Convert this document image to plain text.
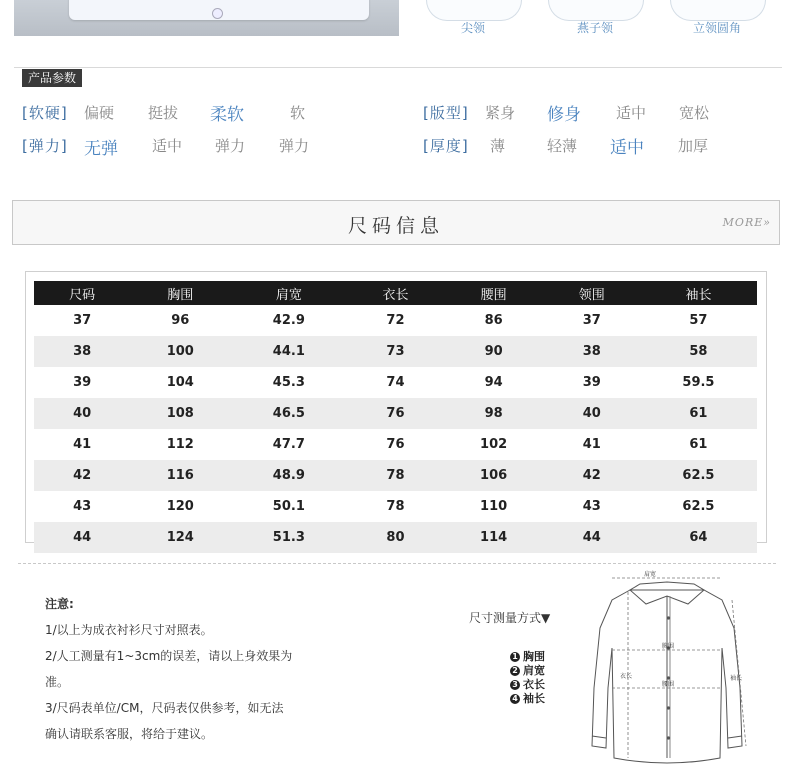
尖领	燕子领	立领圆角
产品参数
[软硬] 偏硬 挺拔 柔软	软	[版型] 紧身 修身 适中 宽松
[弹力] 无弹 适中 弹力 弹力	[厚度] 薄	轻薄 适中 加厚
尺码信息	MORE»
尺码	胸围	肩宽	衣长	腰围	领围	袖长
37	96	42.9	72	86	37	57
38	100	44.1	73	90	38	58
39	104	45.3	74	94	39	59.5
40	108	46.5	76	98	40	61
41	112	47.7	76	102	41	61
42	116	48.9	78	106	42	62.5
43	120	50.1	78	110	43	62.5
44	124	51.3	80	114	44	64
注意:
1/以上为成衣衬衫尺寸对照表。
2/人工测量有1~3cm的误差，请以上身效果为
准。
3/尺码表单位/CM，尺码表仅供参考，如无法
确认请联系客服，将给于建议。
尺寸测量方式▼
1 胸围
2 肩宽
3 衣长
4 袖长
肩宽
胸围
腰围
衣长	袖长
